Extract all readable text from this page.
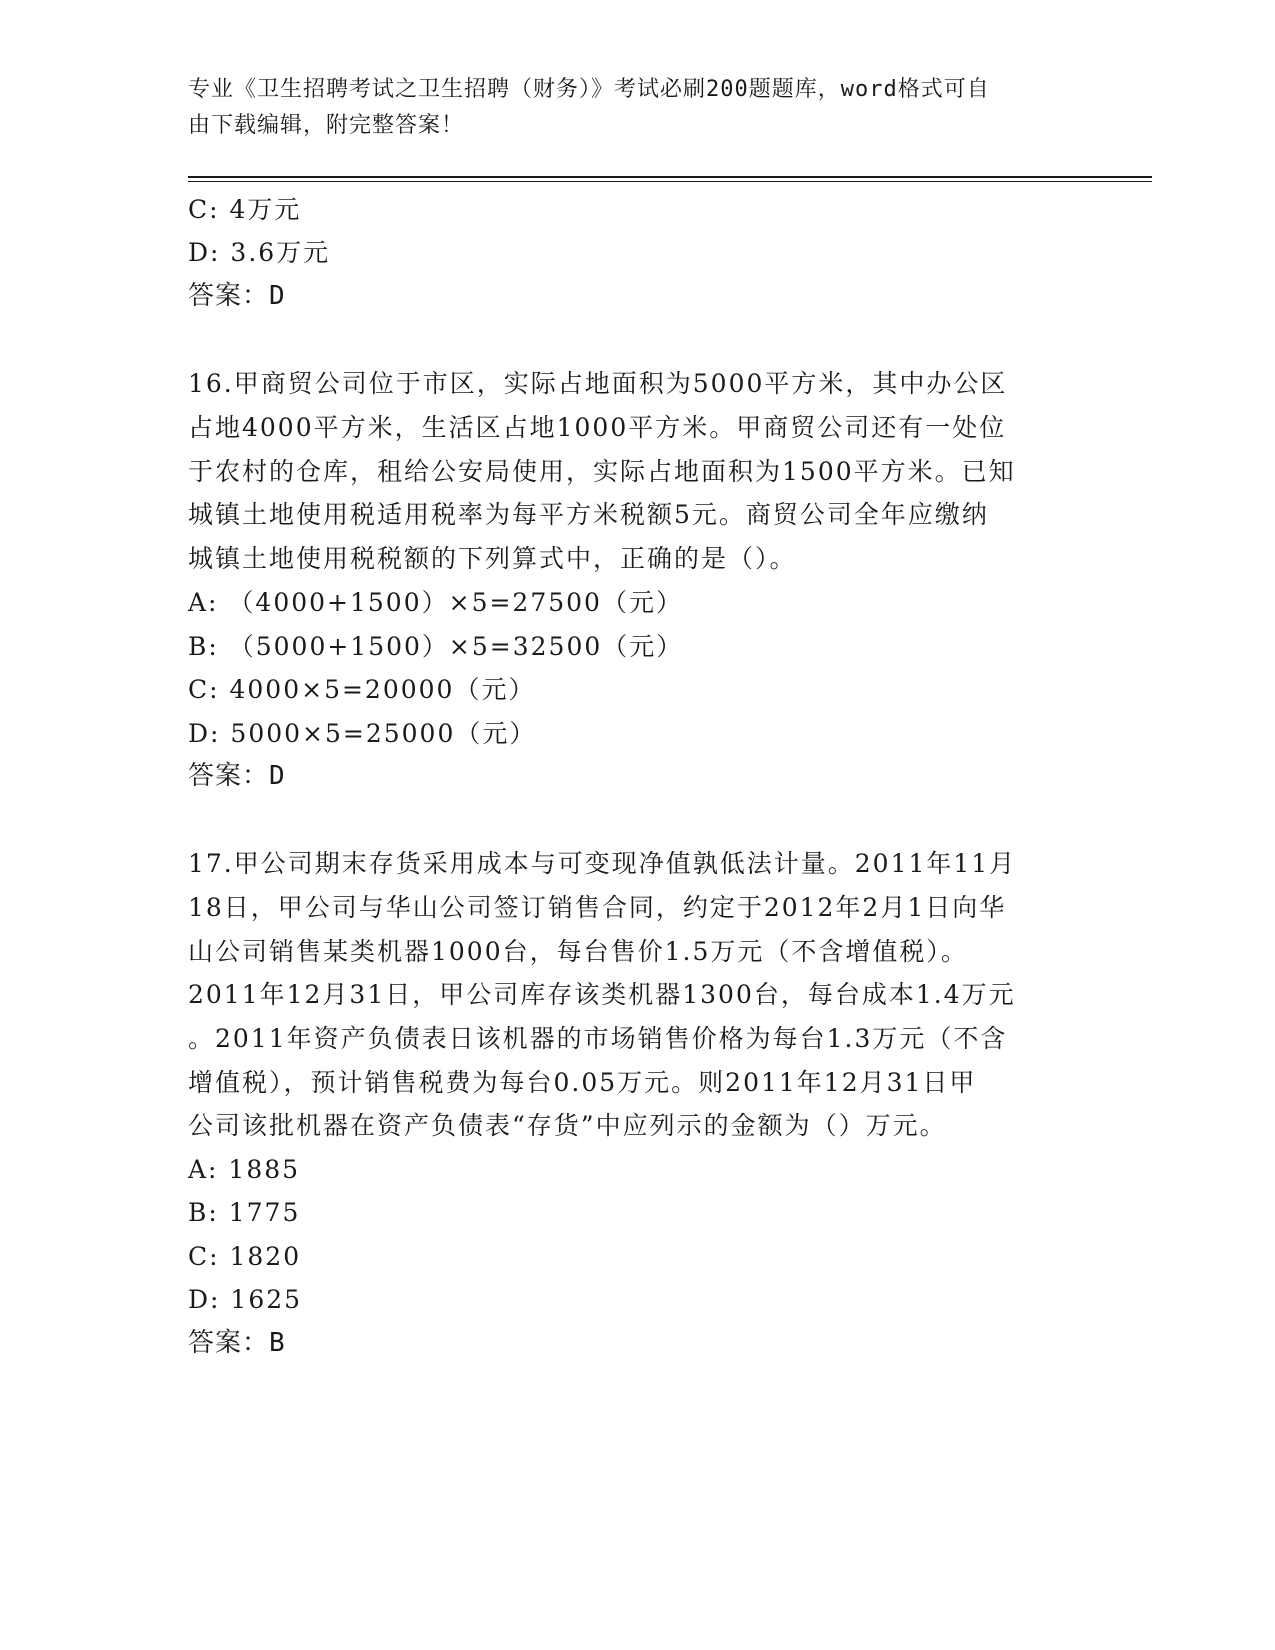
专业《卫生招聘考试之卫生招聘（财务）》考试必刷200题题库，word格式可自
由下载编辑，附完整答案！
C: 4万元
D: 3.6万元
答案：D
16.甲商贸公司位于市区，实际占地面积为5000平方米，其中办公区
占地4000平方米，生活区占地1000平方米。甲商贸公司还有一处位
于农村的仓库，租给公安局使用，实际占地面积为1500平方米。已知
城镇土地使用税适用税率为每平方米税额5元。商贸公司全年应缴纳
城镇土地使用税税额的下列算式中，正确的是（）。
A: （4000+1500）×5=27500（元）
B: （5000+1500）×5=32500（元）
C: 4000×5=20000（元）
D: 5000×5=25000（元）
答案：D
17.甲公司期末存货采用成本与可变现净值孰低法计量。2011年11月
18日，甲公司与华山公司签订销售合同，约定于2012年2月1日向华
山公司销售某类机器1000台，每台售价1.5万元（不含增值税）。
2011年12月31日，甲公司库存该类机器1300台，每台成本1.4万元
。2011年资产负债表日该机器的市场销售价格为每台1.3万元（不含
增值税），预计销售税费为每台0.05万元。则2011年12月31日甲
公司该批机器在资产负债表“存货”中应列示的金额为（）万元。
A: 1885
B: 1775
C: 1820
D: 1625
答案：B
